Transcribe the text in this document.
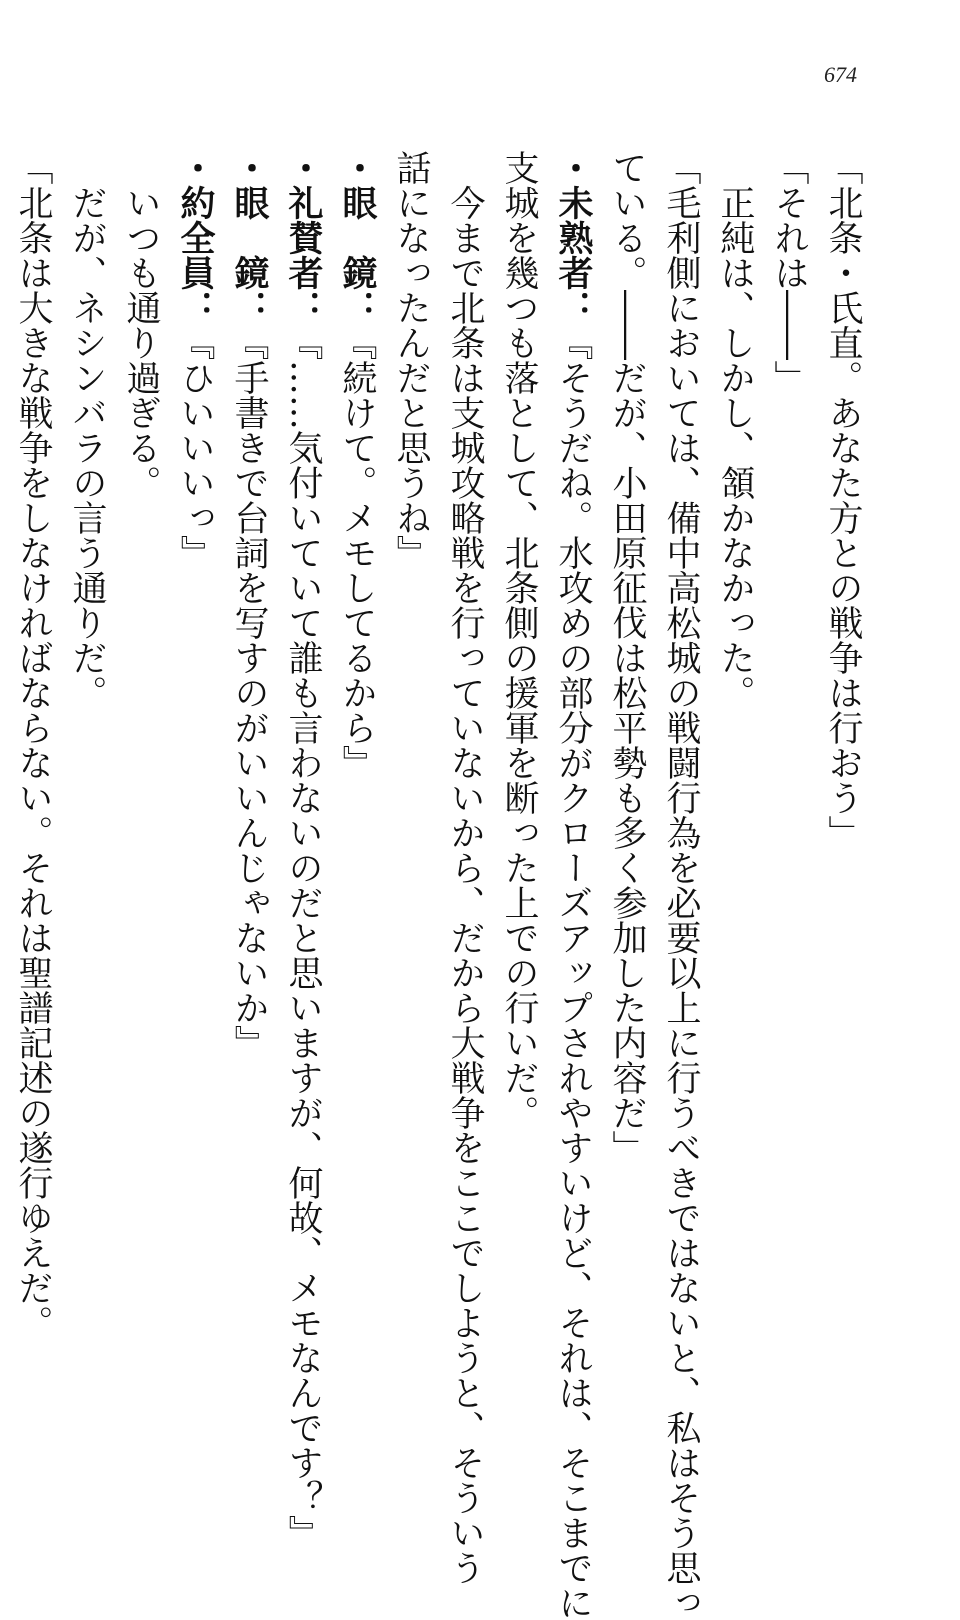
674
「北条・氏直。あなた方との戦争は行おう」
「それは――」
　正純は、しかし、頷かなかった。
「毛利側においては、備中高松城の戦闘行為を必要以上に行うべきではないと、私はそう思っ
ている。――だが、小田原征伐は松平勢も多く参加した内容だ」
・未熟者：『そうだね。水攻めの部分がクローズアップされやすいけど、それは、そこまでに
支城を幾つも落として、北条側の援軍を断った上での行いだ。
　今まで北条は支城攻略戦を行っていないから、だから大戦争をここでしようと、そういう
話になったんだと思うね』
・眼　鏡：『続けて。メモしてるから』
・礼賛者：『……気付いていて誰も言わないのだと思いますが、何故、メモなんです？』
・眼　鏡：『手書きで台詞を写すのがいいんじゃないか』
・約全員：『ひいいいっ』
　いつも通り過ぎる。
　だが、ネシンバラの言う通りだ。
「北条は大きな戦争をしなければならない。それは聖譜記述の遂行ゆえだ。
